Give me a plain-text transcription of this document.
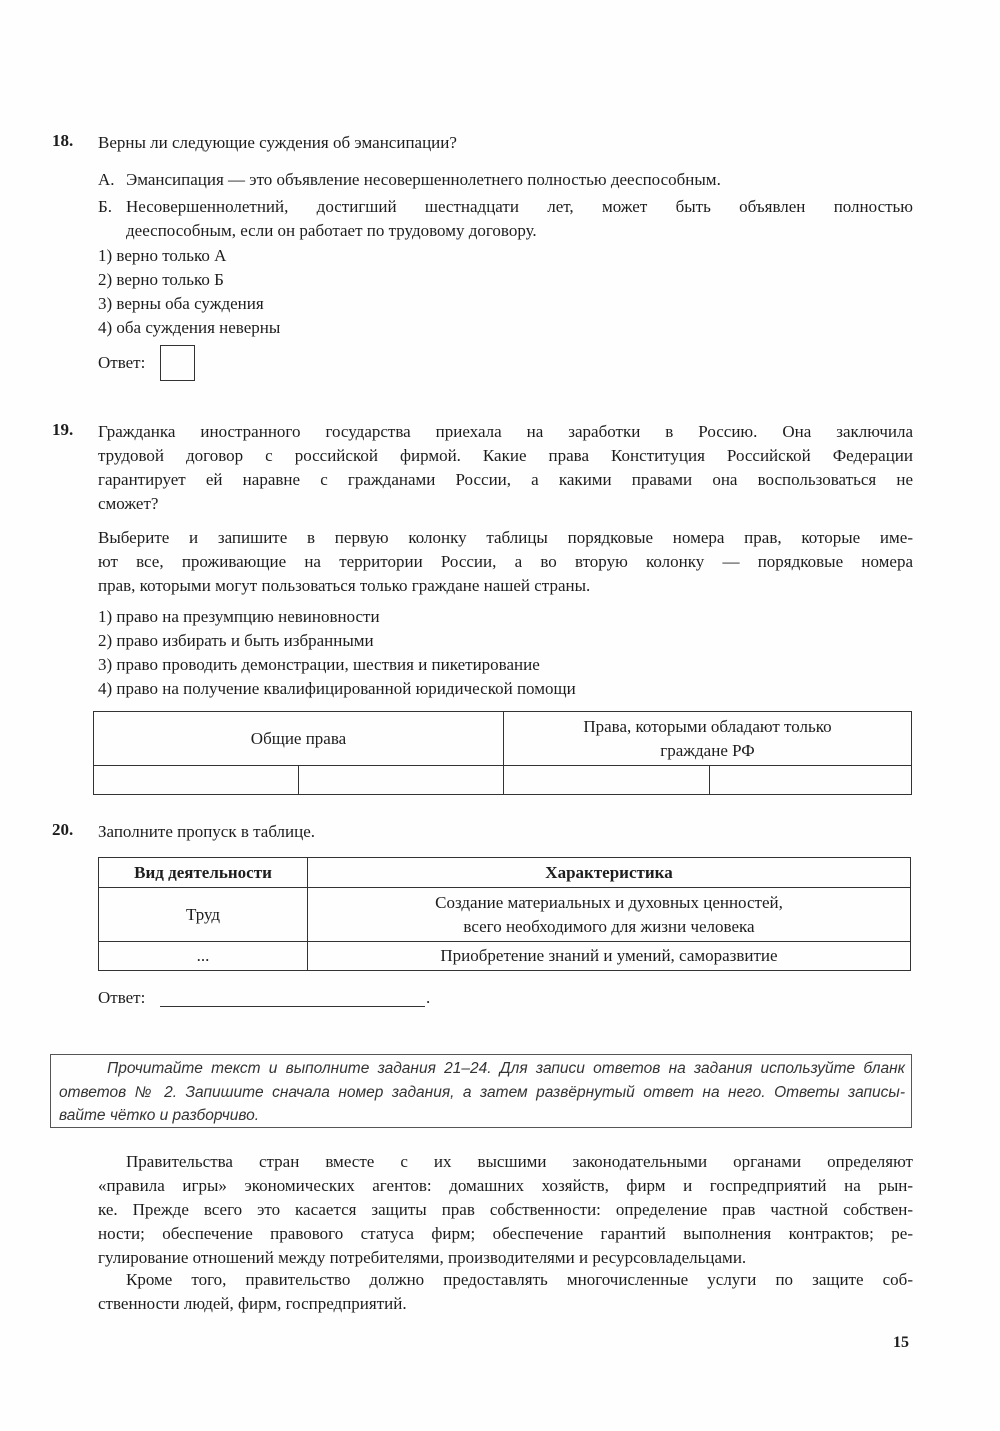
18. Верны ли следующие суждения об эмансипации?
А. Эмансипация — это объявление несовершеннолетнего полностью дееспособным.
Б. Несовершеннолетний, достигший шестнадцати лет, может быть объявлен полностью
дееспособным, если он работает по трудовому договору.
1) верно только А
2) верно только Б
3) верны оба суждения
4) оба суждения неверны
Ответ:
19. Гражданка иностранного государства приехала на заработки в Россию. Она заключила
трудовой договор с российской фирмой. Какие права Конституция Российской Федерации
гарантирует ей наравне с гражданами России, а какими правами она воспользоваться не
сможет?
Выберите и запишите в первую колонку таблицы порядковые номера прав, которые име-
ют все, проживающие на территории России, а во вторую колонку — порядковые номера
прав, которыми могут пользоваться только граждане нашей страны.
1) право на презумпцию невиновности
2) право избирать и быть избранными
3) право проводить демонстрации, шествия и пикетирование
4) право на получение квалифицированной юридической помощи
Общие права		Права, которыми обладают только
граждане РФ	

20. Заполните пропуск в таблице.
Вид деятельности	Характеристика
Труд	Создание материальных и духовных ценностей,
всего необходимого для жизни человека

...	Приобретение знаний и умений, саморазвитие
Ответ:	.
Прочитайте текст и выполните задания 21–24. Для записи ответов на задания используйте бланк
ответов № 2. Запишите сначала номер задания, а затем развёрнутый ответ на него. Ответы записы-
вайте чётко и разборчиво.
Правительства стран вместе с их высшими законодательными органами определяют
«правила игры» экономических агентов: домашних хозяйств, фирм и госпредприятий на рын-
ке. Прежде всего это касается защиты прав собственности: определение прав частной собствен-
ности; обеспечение правового статуса фирм; обеспечение гарантий выполнения контрактов; ре-
гулирование отношений между потребителями, производителями и ресурсовладельцами.
Кроме того, правительство должно предоставлять многочисленные услуги по защите соб-
ственности людей, фирм, госпредприятий.
15
